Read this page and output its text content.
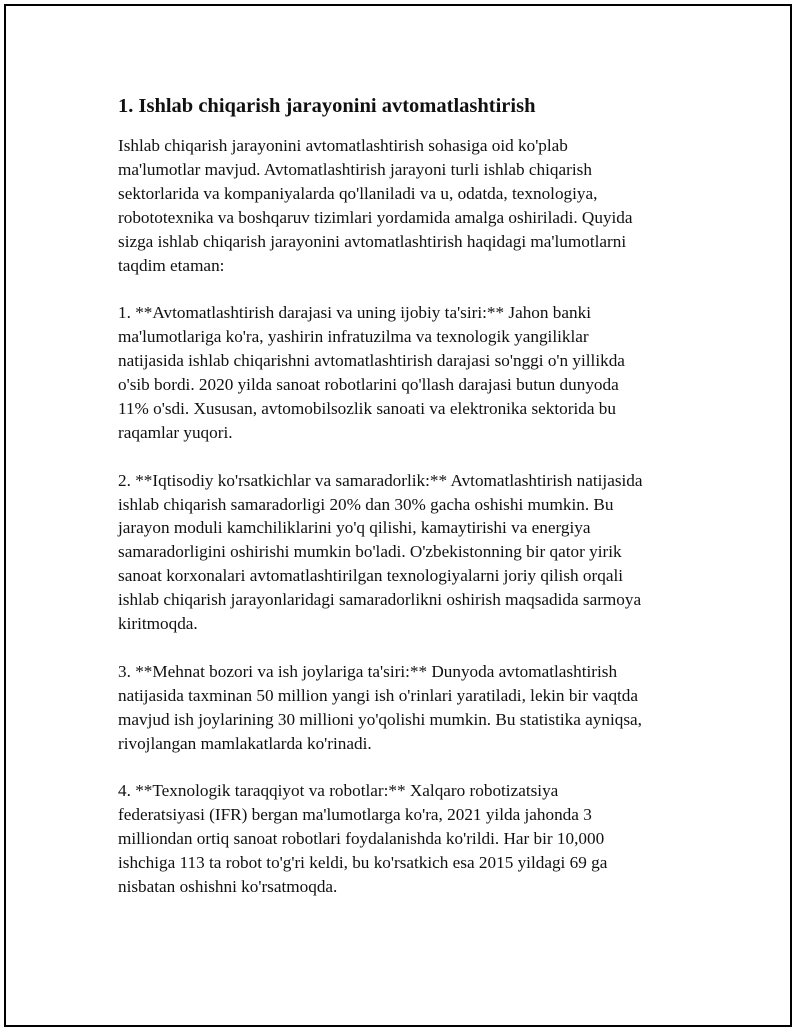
1. Ishlab chiqarish jarayonini avtomatlashtirish

Ishlab chiqarish jarayonini avtomatlashtirish sohasiga oid ko'plab
ma'lumotlar mavjud. Avtomatlashtirish jarayoni turli ishlab chiqarish
sektorlarida va kompaniyalarda qo'llaniladi va u, odatda, texnologiya,
robototexnika va boshqaruv tizimlari yordamida amalga oshiriladi. Quyida
sizga ishlab chiqarish jarayonini avtomatlashtirish haqidagi ma'lumotlarni
taqdim etaman:

1. **Avtomatlashtirish darajasi va uning ijobiy ta'siri:** Jahon banki
ma'lumotlariga ko'ra, yashirin infratuzilma va texnologik yangiliklar
natijasida ishlab chiqarishni avtomatlashtirish darajasi so'nggi o'n yillikda
o'sib bordi. 2020 yilda sanoat robotlarini qo'llash darajasi butun dunyoda
11% o'sdi. Xususan, avtomobilsozlik sanoati va elektronika sektorida bu
raqamlar yuqori.

2. **Iqtisodiy ko'rsatkichlar va samaradorlik:** Avtomatlashtirish natijasida
ishlab chiqarish samaradorligi 20% dan 30% gacha oshishi mumkin. Bu
jarayon moduli kamchiliklarini yo'q qilishi, kamaytirishi va energiya
samaradorligini oshirishi mumkin bo'ladi. O'zbekistonning bir qator yirik
sanoat korxonalari avtomatlashtirilgan texnologiyalarni joriy qilish orqali
ishlab chiqarish jarayonlaridagi samaradorlikni oshirish maqsadida sarmoya
kiritmoqda.

3. **Mehnat bozori va ish joylariga ta'siri:** Dunyoda avtomatlashtirish
natijasida taxminan 50 million yangi ish o'rinlari yaratiladi, lekin bir vaqtda
mavjud ish joylarining 30 millioni yo'qolishi mumkin. Bu statistika ayniqsa,
rivojlangan mamlakatlarda ko'rinadi.

4. **Texnologik taraqqiyot va robotlar:** Xalqaro robotizatsiya
federatsiyasi (IFR) bergan ma'lumotlarga ko'ra, 2021 yilda jahonda 3
milliondan ortiq sanoat robotlari foydalanishda ko'rildi. Har bir 10,000
ishchiga 113 ta robot to'g'ri keldi, bu ko'rsatkich esa 2015 yildagi 69 ga
nisbatan oshishni ko'rsatmoqda.
